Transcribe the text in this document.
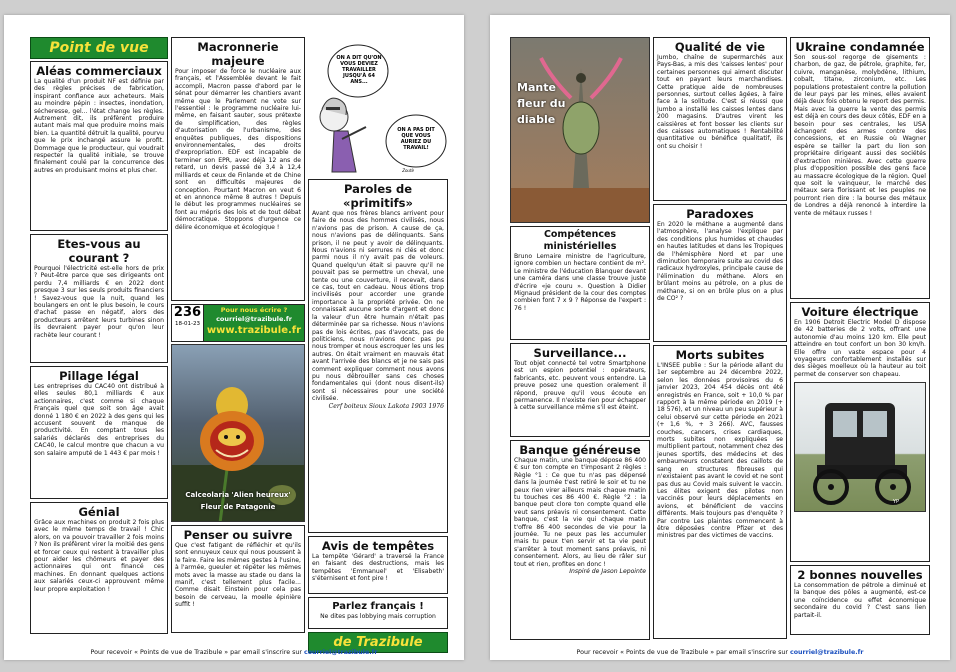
Point de vue
Aléas commerciaux
La qualité d'un produit NF est définie par des règles précises de fabrication, inspirant confiance aux acheteurs. Mais au moindre pépin : insectes, inondation, sécheresse, gel... l'état change les règles. Autrement dit, ils préfèrent produire autant mais mal que produire moins mais bien. La quantité détruit la qualité, pourvu que le prix inchangé assure le profit. Dommage que le producteur, qui voudrait respecter la qualité initiale, se trouve finalement coulé par la concurrence des autres en produisant moins et plus cher.
Etes-vous au courant ?
Pourquoi l'électricité est-elle hors de prix ? Peut-être parce que ses dirigeants ont perdu 7,4 milliards € en 2022 dont presque 3 sur les seuls produits financiers ! Savez-vous que la nuit, quand les boulangers en ont le plus besoin, le cours d'achat passe en négatif, alors des producteurs arrêtent leurs turbines sinon ils devraient payer pour qu'on leur rachète leur courant !
Pillage légal
Les entreprises du CAC40 ont distribué à elles seules 80,1 milliards € aux actionnaires, c'est comme si chaque Français quel que soit son âge avait donné 1 180 € en 2022 à des gens qui les accusent souvent de manque de productivité. En comptant tous les salariés déclarés des entreprises du CAC40, le calcul montre que chacun a vu son salaire amputé de 1 443 € par mois !
Génial
Grâce aux machines on produit 2 fois plus avec le même temps de travail ! Chic alors, on va pouvoir travailler 2 fois moins ? Non ils préfèrent virer la moitié des gens et forcer ceux qui restent à travailler plus pour aider les chômeurs et payer des actionnaires qui ont financé ces machines. En donnant quelques actions aux salariés ceux-ci approuvent même leur propre exploitation !
Macronnerie majeure
Pour imposer de force le nucléaire aux français, et l'Assemblée devant le fait accompli, Macron passe d'abord par le sénat pour démarrer les chantiers avant même que le Parlement ne vote sur l'essentiel : le programme nucléaire lui-même, en faisant sauter, sous prétexte de simplification, des règles d'autorisation de l'urbanisme, des enquêtes publiques, des dispositions environnementales, des droits d'expropriation. EDF est incapable de terminer son EPR, avec déjà 12 ans de retard, un devis passé de 3,4 à 12,4 milliards et ceux de Finlande et de Chine sont en difficultés majeures de conception. Pourtant Macron en veut 6 et en annonce même 8 autres ! Depuis le début les programmes nucléaires se font au mépris des lois et de tout débat démocratique. Stoppons d'urgence ce délire économique et écologique !
236
18-01-23
Pour nous écrire ?
courriel@trazibule.fr
www.trazibule.fr
Calceolaria 'Alien heureux'
Fleur de Patagonie
Penser ou suivre
Que c'est fatigant de réfléchir et qu'ils sont ennuyeux ceux qui nous poussent à le faire. Faire les mêmes gestes à l'usine, à l'armée, gueuler et répéter les mêmes mots avec la masse au stade ou dans la manif, c'est tellement plus facile... Comme disait Einstein pour cela pas besoin de cerveau, la moelle épinière suffit !
ON A DIT QU'ON VOUS DEVIEZ TRAVAILLER JUSQU'À 64 ANS...
ON A PAS DIT QUE VOUS AURIEZ DU TRAVAIL!
Zoutè
Paroles de «primitifs»
Avant que nos frères blancs arrivent pour faire de nous des hommes civilisés, nous n'avions pas de prison. A cause de ça, nous n'avions pas de délinquants. Sans prison, il ne peut y avoir de délinquants. Nous n'avions ni serrures ni clés et donc parmi nous il n'y avait pas de voleurs. Quand quelqu'un était si pauvre qu'il ne pouvait pas se permettre un cheval, une tente ou une couverture, il recevait, dans ce cas, tout en cadeau. Nous étions trop incivilisés pour accorder une grande importance à la propriété privée. On ne connaissait aucune sorte d'argent et donc la valeur d'un être humain n'était pas déterminée par sa richesse. Nous n'avions pas de lois écrites, pas d'avocats, pas de politiciens, nous n'avions donc pas pu nous tromper et nous escroquer les uns les autres. On était vraiment en mauvais état avant l'arrivée des blancs et je ne sais pas comment expliquer comment nous avons pu nous débrouiller sans ces choses fondamentales qui (dont nous disent-ils) sont si nécessaires pour une société civilisée.
Cerf boiteux Sioux Lakota 1903 1976
Avis de tempêtes
La tempête 'Gérard' a traversé la France en faisant des destructions, mais les tempêtes 'Emmanuel' et 'Elisabeth' s'éternisent et font pire !
Parlez français !
Ne dites pas lobbying mais corruption
de Trazibule
Pour recevoir « Points de vue de Trazibule » par email s'inscrire sur courriel@trazibule.fr
Mante fleur du diable
Compétences ministérielles
Bruno Lemaire ministre de l'agriculture, ignore combien un hectare contient de m². Le ministre de l'éducation Blanquer devant une caméra dans une classe trouve juste d'écrire «je couru ». Question à Didier Mignaud président de la cour des comptes combien font 7 x 9 ? Réponse de l'expert : 76 !
Surveillance...
Tout objet connecté tel votre Smartphone est un espion potentiel : opérateurs, fabricants, etc. peuvent vous entendre. La preuve posez une question oralement il répond, preuve qu'il vous écoute en permanence. Il n'existe rien pour échapper à cette surveillance même s'il est éteint.
Banque généreuse
Chaque matin, une banque dépose 86 400 € sur ton compte en t'imposant 2 règles : Règle °1 : Ce que tu n'as pas dépensé dans la journée t'est retiré le soir et tu ne peux rien virer ailleurs mais chaque matin tu touches ces 86 400 €. Règle °2 : la banque peut clore ton compte quand elle veut sans préavis ni consentement. Cette banque, c'est la vie qui chaque matin t'offre 86 400 secondes de vie pour la journée. Tu ne peux pas les accumuler mais tu peux t'en servir et ta vie peut s'arrêter à tout moment sans préavis, ni consentement. Alors, au lieu de râler sur tout et rien, profites en donc !
Inspiré de Jason Lepointe
Qualité de vie
Jumbo, chaîne de supermarchés aux Pays-Bas, a mis des 'caisses lentes' pour certaines personnes qui aiment discuter tout en payant leurs marchandises. Cette pratique aide de nombreuses personnes, surtout celles âgées, à faire face à la solitude. C'est si réussi que Jumbo a installé les caisses lentes dans 200 magasins. D'autres virent les caissières et font bosser les clients sur des caisses automatiques ! Rentabilité quantitative ou bénéfice qualitatif, ils ont su choisir !
Paradoxes
En 2020 le méthane a augmenté dans l'atmosphère, l'analyse l'explique par des conditions plus humides et chaudes en hautes latitudes et dans les Tropiques de l'hémisphère Nord et par une diminution temporaire suite au covid des radicaux hydroxyles, principale cause de l'élimination du méthane. Alors en brûlant moins au pétrole, on a plus de méthane, si on en brûle plus on a plus de CO² ?
Morts subites
L'INSEE publie : Sur la période allant du 1er septembre au 24 décembre 2022, selon les données provisoires du 6 janvier 2023, 204 454 décès ont été enregistrés en France, soit + 10,0 % par rapport à la même période en 2019 (+ 18 576), et un niveau un peu supérieur à celui observé sur cette période en 2021 (+ 1,6 %, + 3 266). AVC, fausses couches, cancers, crises cardiaques, morts subites non expliquées se multiplient partout, notamment chez des jeunes sportifs, des médecins et des embaumeurs constatent des caillots de sang en structures fibreuses qui n'existaient pas avant le covid et ne sont pas dus au Covid mais suivent le vaccin. Les élites exigent des pilotes non vaccinés pour leurs déplacements en avions, et bénéficient de vaccins différents. Mais toujours pas d'enquête ? Par contre Les plaintes commencent à être déposées contre Pfizer et des ministres par des victimes de vaccins.
Ukraine condamnée
Son sous-sol regorge de gisements : charbon, de gaz, de pétrole, graphite, fer, cuivre, manganèse, molybdène, lithium, cobalt, titane, zirconium, etc. Les populations protestaient contre la pollution de leur pays par les mines, elles avaient déjà deux fois obtenu le report des permis. Mais avec la guerre la vente des permis est déjà en cours des deux côtés, EDF en a besoin pour ses centrales, les USA échangent des armes contre des concessions, et en Russie où Wagner espère se tailler la part du lion son propriétaire dirigeant aussi des sociétés d'extraction minières. Avec cette guerre plus d'opposition possible des gens face au massacre écologique de la région. Quel que soit le vainqueur, le marché des métaux sera florissant et les peuples ne pourront rien dire : la bourse des métaux de Londres a déjà renoncé à interdire la vente de métaux russes !
Voiture électrique
En 1906 Detroit Electric Model D dispose de 42 batteries de 2 volts, offrant une autonomie d'au moins 120 km. Elle peut atteindre en tout confort un bon 30 km/h. Elle offre un vaste espace pour 4 voyageurs confortablement installés sur des sièges moelleux où la hauteur au toit permet de conserver son chapeau.
YP
2 bonnes nouvelles
La consommation de pétrole a diminué et la banque des pôles a augmenté, est-ce une coïncidence ou effet économique secondaire du covid ? C'est sans lien partait-il.
Pour recevoir « Points de vue de Trazibule » par email s'inscrire sur courriel@trazibule.fr
